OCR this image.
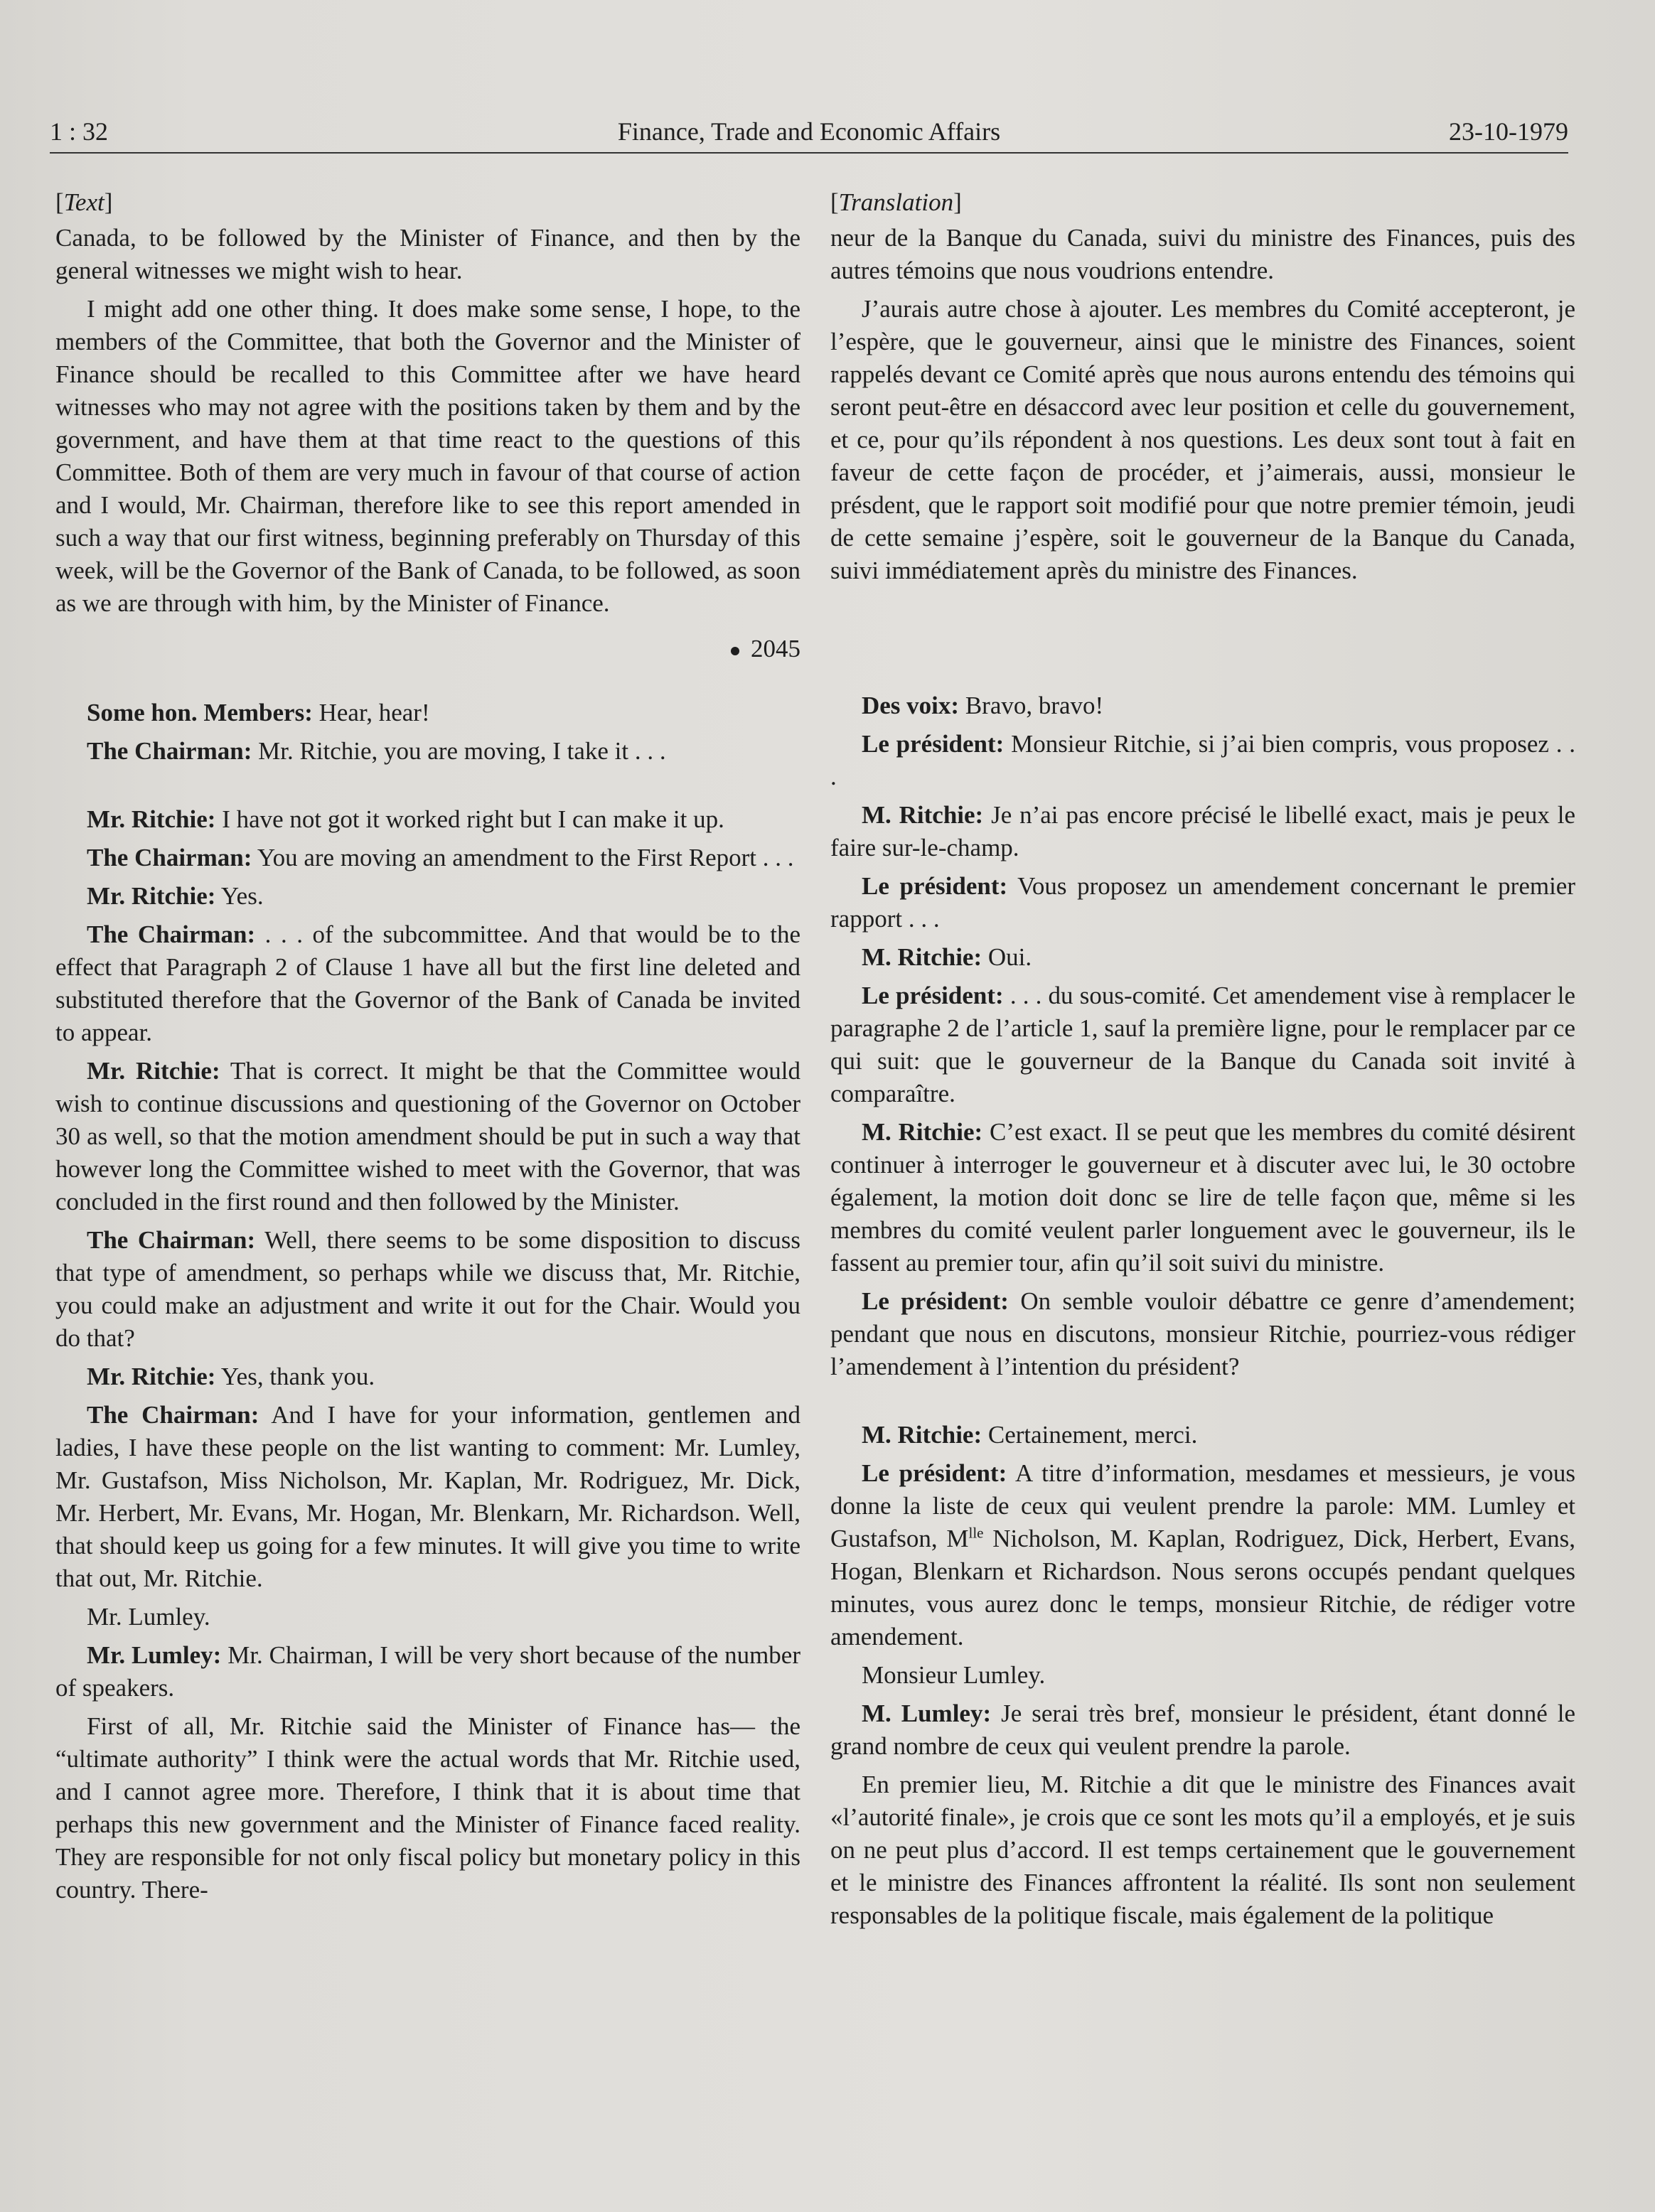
1 : 32	Finance, Trade and Economic Affairs	23-10-1979

[Text]

Canada, to be followed by the Minister of Finance, and then by the general witnesses we might wish to hear.

I might add one other thing. It does make some sense, I hope, to the members of the Committee, that both the Governor and the Minister of Finance should be recalled to this Committee after we have heard witnesses who may not agree with the positions taken by them and by the government, and have them at that time react to the questions of this Committee. Both of them are very much in favour of that course of action and I would, Mr. Chairman, therefore like to see this report amended in such a way that our first witness, beginning preferably on Thursday of this week, will be the Governor of the Bank of Canada, to be followed, as soon as we are through with him, by the Minister of Finance.

2045

Some hon. Members: Hear, hear!

The Chairman: Mr. Ritchie, you are moving, I take it . . .

Mr. Ritchie: I have not got it worked right but I can make it up.

The Chairman: You are moving an amendment to the First Report . . .

Mr. Ritchie: Yes.

The Chairman: . . . of the subcommittee. And that would be to the effect that Paragraph 2 of Clause 1 have all but the first line deleted and substituted therefore that the Governor of the Bank of Canada be invited to appear.

Mr. Ritchie: That is correct. It might be that the Committee would wish to continue discussions and questioning of the Governor on October 30 as well, so that the motion amendment should be put in such a way that however long the Committee wished to meet with the Governor, that was concluded in the first round and then followed by the Minister.

The Chairman: Well, there seems to be some disposition to discuss that type of amendment, so perhaps while we discuss that, Mr. Ritchie, you could make an adjustment and write it out for the Chair. Would you do that?

Mr. Ritchie: Yes, thank you.

The Chairman: And I have for your information, gentlemen and ladies, I have these people on the list wanting to comment: Mr. Lumley, Mr. Gustafson, Miss Nicholson, Mr. Kaplan, Mr. Rodriguez, Mr. Dick, Mr. Herbert, Mr. Evans, Mr. Hogan, Mr. Blenkarn, Mr. Richardson. Well, that should keep us going for a few minutes. It will give you time to write that out, Mr. Ritchie.

Mr. Lumley.

Mr. Lumley: Mr. Chairman, I will be very short because of the number of speakers.

First of all, Mr. Ritchie said the Minister of Finance has— the “ultimate authority” I think were the actual words that Mr. Ritchie used, and I cannot agree more. Therefore, I think that it is about time that perhaps this new government and the Minister of Finance faced reality. They are responsible for not only fiscal policy but monetary policy in this country. There-

[Translation]

neur de la Banque du Canada, suivi du ministre des Finances, puis des autres témoins que nous voudrions entendre.

J’aurais autre chose à ajouter. Les membres du Comité accepteront, je l’espère, que le gouverneur, ainsi que le ministre des Finances, soient rappelés devant ce Comité après que nous aurons entendu des témoins qui seront peut-être en désaccord avec leur position et celle du gouvernement, et ce, pour qu’ils répondent à nos questions. Les deux sont tout à fait en faveur de cette façon de procéder, et j’aimerais, aussi, monsieur le présdent, que le rapport soit modifié pour que notre premier témoin, jeudi de cette semaine j’espère, soit le gouverneur de la Banque du Canada, suivi immédiatement après du ministre des Finances.

Des voix: Bravo, bravo!

Le président: Monsieur Ritchie, si j’ai bien compris, vous proposez . . .

M. Ritchie: Je n’ai pas encore précisé le libellé exact, mais je peux le faire sur-le-champ.

Le président: Vous proposez un amendement concernant le premier rapport . . .

M. Ritchie: Oui.

Le président: . . . du sous-comité. Cet amendement vise à remplacer le paragraphe 2 de l’article 1, sauf la première ligne, pour le remplacer par ce qui suit: que le gouverneur de la Banque du Canada soit invité à comparaître.

M. Ritchie: C’est exact. Il se peut que les membres du comité désirent continuer à interroger le gouverneur et à discuter avec lui, le 30 octobre également, la motion doit donc se lire de telle façon que, même si les membres du comité veulent parler longuement avec le gouverneur, ils le fassent au premier tour, afin qu’il soit suivi du ministre.

Le président: On semble vouloir débattre ce genre d’amendement; pendant que nous en discutons, monsieur Ritchie, pourriez-vous rédiger l’amendement à l’intention du président?

M. Ritchie: Certainement, merci.

Le président: A titre d’information, mesdames et messieurs, je vous donne la liste de ceux qui veulent prendre la parole: MM. Lumley et Gustafson, $M^{lle}$ Nicholson, M. Kaplan, Rodriguez, Dick, Herbert, Evans, Hogan, Blenkarn et Richardson. Nous serons occupés pendant quelques minutes, vous aurez donc le temps, monsieur Ritchie, de rédiger votre amendement.

Monsieur Lumley.

M. Lumley: Je serai très bref, monsieur le président, étant donné le grand nombre de ceux qui veulent prendre la parole.

En premier lieu, M. Ritchie a dit que le ministre des Finances avait «l’autorité finale», je crois que ce sont les mots qu’il a employés, et je suis on ne peut plus d’accord. Il est temps certainement que le gouvernement et le ministre des Finances affrontent la réalité. Ils sont non seulement responsables de la politique fiscale, mais également de la politique
